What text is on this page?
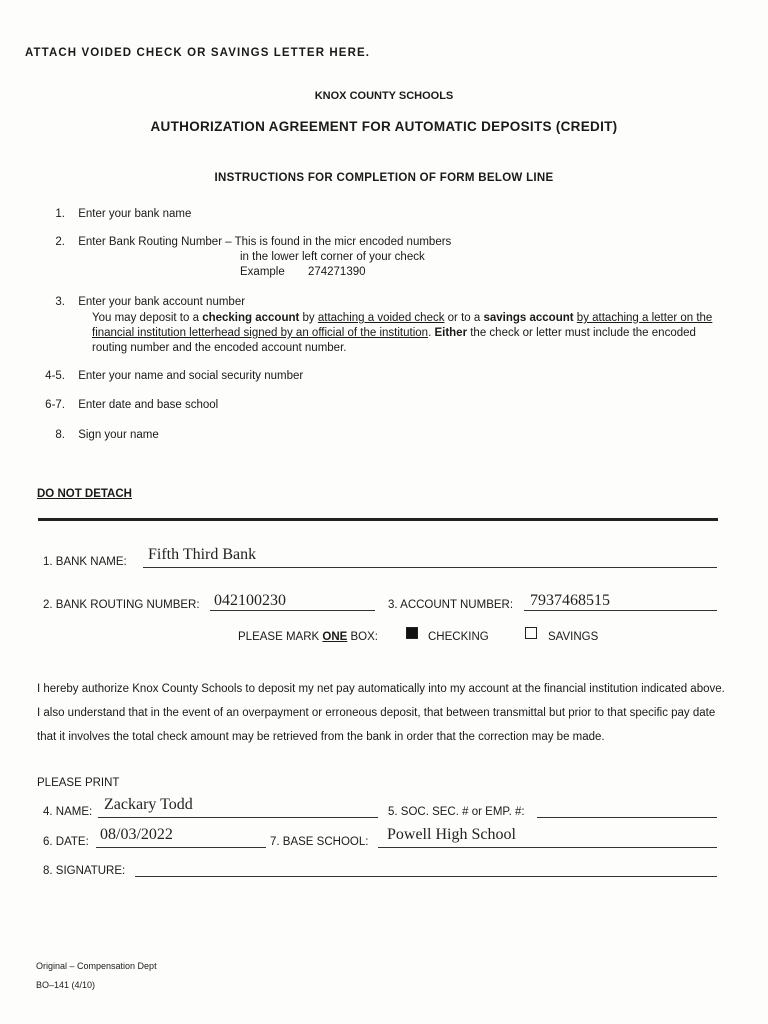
ATTACH VOIDED CHECK OR SAVINGS LETTER HERE.
KNOX COUNTY SCHOOLS
AUTHORIZATION AGREEMENT FOR AUTOMATIC DEPOSITS (CREDIT)
INSTRUCTIONS FOR COMPLETION OF FORM BELOW LINE
1. Enter your bank name
2. Enter Bank Routing Number – This is found in the micr encoded numbers
in the lower left corner of your check
Example 274271390
3. Enter your bank account number
You may deposit to a checking account by attaching a voided check or to a savings account by attaching a letter on the financial institution letterhead signed by an official of the institution. Either the check or letter must include the encoded routing number and the encoded account number.
4-5. Enter your name and social security number
6-7. Enter date and base school
8. Sign your name
DO NOT DETACH
1. BANK NAME: Fifth Third Bank
2. BANK ROUTING NUMBER: 042100230	3. ACCOUNT NUMBER: 7937468515
PLEASE MARK ONE BOX:	CHECKING	SAVINGS
I hereby authorize Knox County Schools to deposit my net pay automatically into my account at the financial institution indicated above. I also understand that in the event of an overpayment or erroneous deposit, that between transmittal but prior to that specific pay date that it involves the total check amount may be retrieved from the bank in order that the correction may be made.
PLEASE PRINT
4. NAME: Zackary Todd	5. SOC. SEC. # or EMP. #:
6. DATE: 08/03/2022	7. BASE SCHOOL: Powell High School
8. SIGNATURE:
Original – Compensation Dept
BO–141 (4/10)
